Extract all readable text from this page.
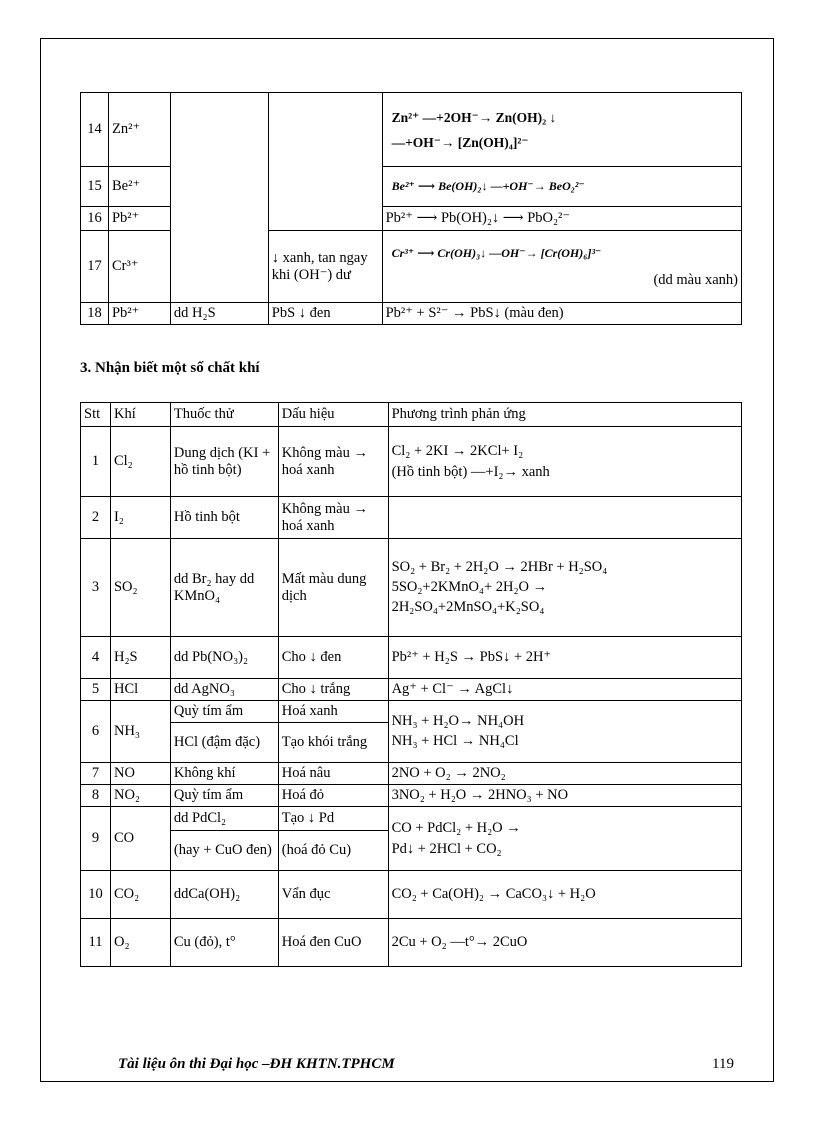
14	Zn²⁺			Zn²⁺ —+2OH⁻→ Zn(OH)₂ ↓
—+OH⁻→ [Zn(OH)₄]²⁻

15	Be²⁺			Be²⁺ ⟶ Be(OH)₂↓ —+OH⁻→ BeO₂²⁻
16	Pb²⁺			Pb²⁺ ⟶ Pb(OH)₂↓ ⟶ PbO₂²⁻
17	Cr³⁺		↓ xanh, tan ngay khi (OH⁻) dư	Cr³⁺ ⟶ Cr(OH)₃↓ —OH⁻→ [Cr(OH)₆]³⁻
(dd màu xanh)

18	Pb²⁺	dd H₂S	PbS ↓ đen	Pb²⁺ + S²⁻ → PbS↓ (màu đen)
3. Nhận biết một số chất khí
Stt	Khí	Thuốc thử	Dấu hiệu	Phương trình phản ứng
1	Cl₂	Dung dịch (KI + hồ tinh bột)	Không màu → hoá xanh	Cl₂ + 2KI → 2KCl+ I₂
(Hồ tinh bột) —+I₂→ xanh

2	I₂	Hồ tinh bột	Không màu → hoá xanh	
3	SO₂	dd Br₂ hay dd KMnO₄	Mất màu dung dịch	SO₂ + Br₂ + 2H₂O → 2HBr + H₂SO₄
5SO₂+2KMnO₄+ 2H₂O →
2H₂SO₄+2MnSO₄+K₂SO₄

4	H₂S	dd Pb(NO₃)₂	Cho ↓ đen	Pb²⁺ + H₂S → PbS↓ + 2H⁺
5	HCl	dd AgNO₃	Cho ↓ trắng	Ag⁺ + Cl⁻ → AgCl↓
6	NH₃	Quỳ tím ẩm	Hoá xanh	NH₃ + H₂O→ NH₄OH
NH₃ + HCl → NH₄Cl

		HCl (đậm đặc)	Tạo khói trắng	
7	NO	Không khí	Hoá nâu	2NO + O₂ → 2NO₂
8	NO₂	Quỳ tím ẩm	Hoá đỏ	3NO₂ + H₂O → 2HNO₃ + NO
9	CO	dd PdCl₂	Tạo ↓ Pd	CO + PdCl₂ + H₂O →
Pd↓ + 2HCl + CO₂

		(hay + CuO đen)	(hoá đỏ Cu)	
10	CO₂	ddCa(OH)₂	Vẩn đục	CO₂ + Ca(OH)₂ → CaCO₃↓ + H₂O
11	O₂	Cu (đỏ), t°	Hoá đen CuO	2Cu + O₂ —t°→ 2CuO
Tài liệu ôn thi Đại học –ĐH KHTN.TPHCM	119
